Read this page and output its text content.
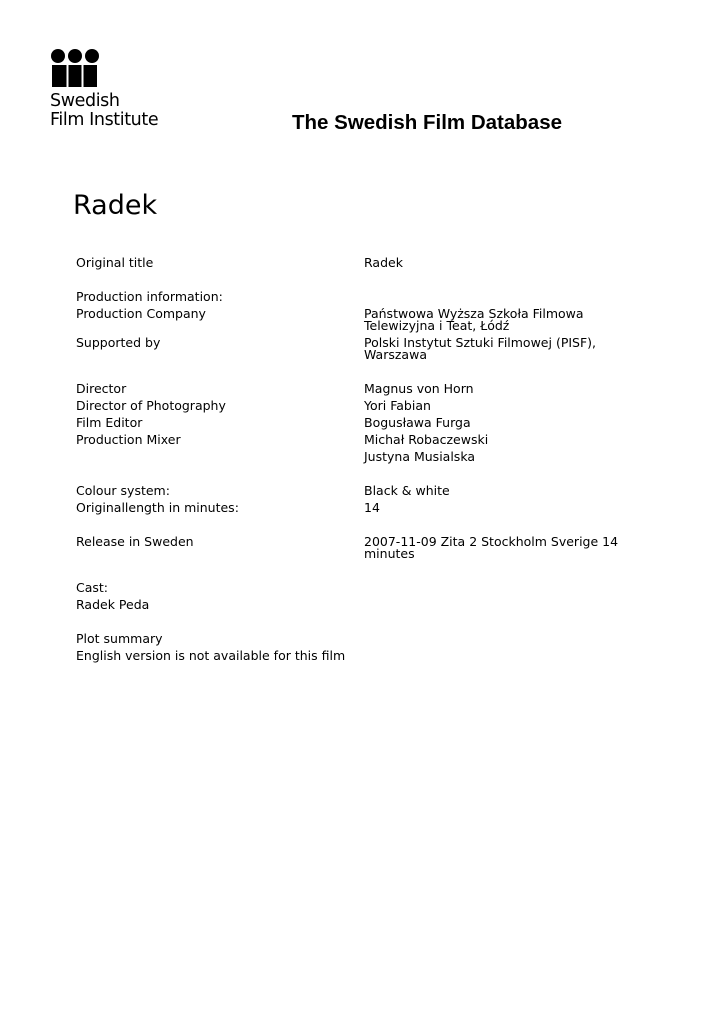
Swedish
Film Institute	The Swedish Film Database
Radek
Original title	Radek
Production information:
Production Company	Państwowa Wyższa Szkoła Filmowa
Telewizyjna i Teat, Łódź
Supported by	Polski Instytut Sztuki Filmowej (PISF),
Warszawa
Director	Magnus von Horn
Director of Photography	Yori Fabian
Film Editor	Bogusława Furga
Production Mixer	Michał Robaczewski
Justyna Musialska
Colour system:	Black & white
Originallength in minutes:	14
Release in Sweden	2007-11-09 Zita 2 Stockholm Sverige 14
minutes
Cast:
Radek Peda
Plot summary
English version is not available for this film
